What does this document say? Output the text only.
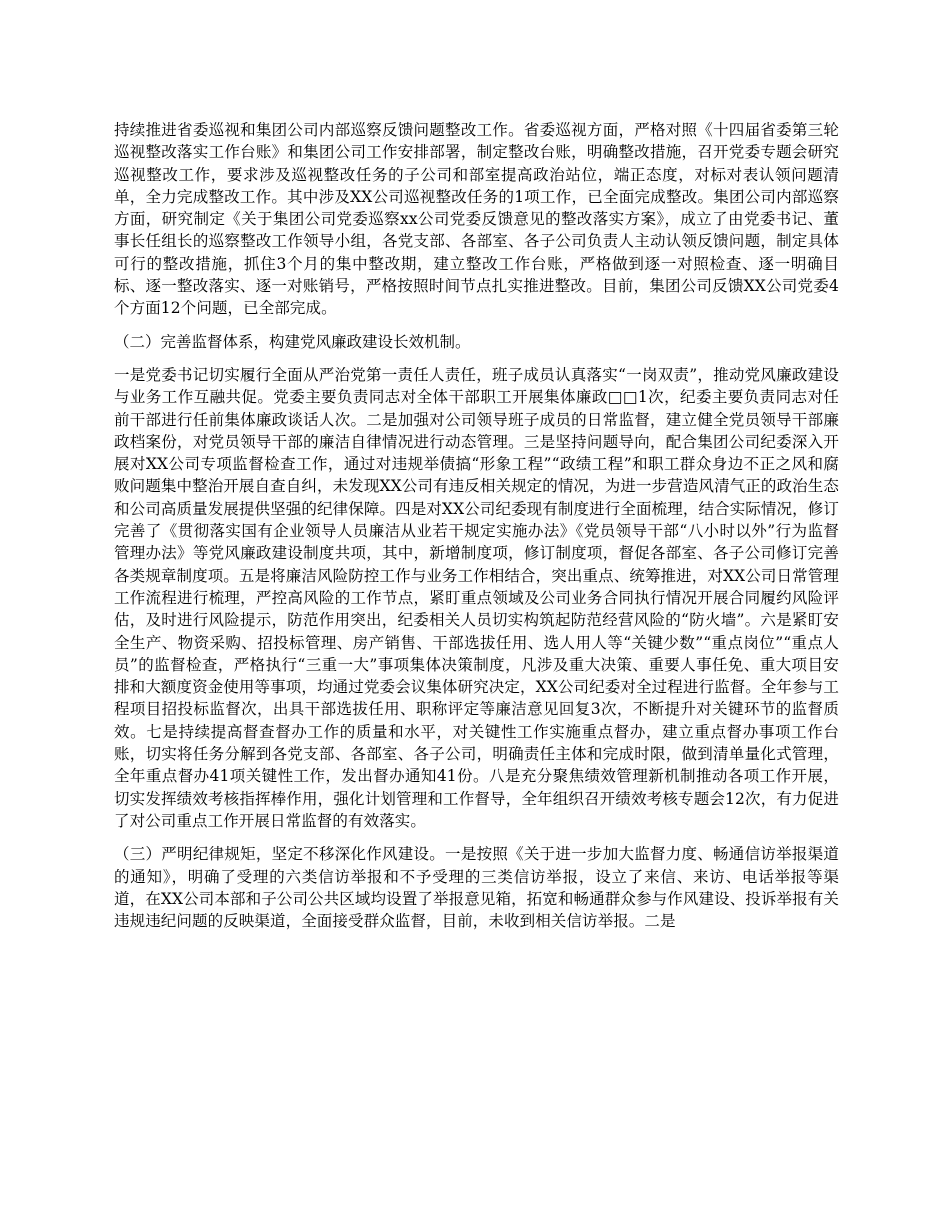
持续推进省委巡视和集团公司内部巡察反馈问题整改工作。省委巡视方面，严格对照《十四届省委第三轮巡视整改落实工作台账》和集团公司工作安排部署，制定整改台账，明确整改措施，召开党委专题会研究巡视整改工作，要求涉及巡视整改任务的子公司和部室提高政治站位，端正态度，对标对表认领问题清单，全力完成整改工作。其中涉及XX公司巡视整改任务的1项工作，已全面完成整改。集团公司内部巡察方面，研究制定《关于集团公司党委巡察xx公司党委反馈意见的整改落实方案》，成立了由党委书记、董事长任组长的巡察整改工作领导小组，各党支部、各部室、各子公司负责人主动认领反馈问题，制定具体可行的整改措施，抓住3个月的集中整改期，建立整改工作台账，严格做到逐一对照检查、逐一明确目标、逐一整改落实、逐一对账销号，严格按照时间节点扎实推进整改。目前，集团公司反馈XX公司党委4个方面12个问题，已全部完成。

（二）完善监督体系，构建党风廉政建设长效机制。

一是党委书记切实履行全面从严治党第一责任人责任，班子成员认真落实“一岗双责”，推动党风廉政建设与业务工作互融共促。党委主要负责同志对全体干部职工开展集体廉政□□1次，纪委主要负责同志对任前干部进行任前集体廉政谈话人次。二是加强对公司领导班子成员的日常监督，建立健全党员领导干部廉政档案份，对党员领导干部的廉洁自律情况进行动态管理。三是坚持问题导向，配合集团公司纪委深入开展对XX公司专项监督检查工作，通过对违规举债搞“形象工程”“政绩工程”和职工群众身边不正之风和腐败问题集中整治开展自查自纠，未发现XX公司有违反相关规定的情况，为进一步营造风清气正的政治生态和公司高质量发展提供坚强的纪律保障。四是对XX公司纪委现有制度进行全面梳理，结合实际情况，修订完善了《贯彻落实国有企业领导人员廉洁从业若干规定实施办法》《党员领导干部“八小时以外”行为监督管理办法》等党风廉政建设制度共项，其中，新增制度项，修订制度项，督促各部室、各子公司修订完善各类规章制度项。五是将廉洁风险防控工作与业务工作相结合，突出重点、统筹推进，对XX公司日常管理工作流程进行梳理，严控高风险的工作节点，紧盯重点领域及公司业务合同执行情况开展合同履约风险评估，及时进行风险提示，防范作用突出，纪委相关人员切实构筑起防范经营风险的“防火墙”。六是紧盯安全生产、物资采购、招投标管理、房产销售、干部选拔任用、选人用人等“关键少数”“重点岗位”“重点人员”的监督检查，严格执行“三重一大”事项集体决策制度，凡涉及重大决策、重要人事任免、重大项目安排和大额度资金使用等事项，均通过党委会议集体研究决定，XX公司纪委对全过程进行监督。全年参与工程项目招投标监督次，出具干部选拔任用、职称评定等廉洁意见回复3次，不断提升对关键环节的监督质效。七是持续提高督查督办工作的质量和水平，对关键性工作实施重点督办，建立重点督办事项工作台账，切实将任务分解到各党支部、各部室、各子公司，明确责任主体和完成时限，做到清单量化式管理，全年重点督办41项关键性工作，发出督办通知41份。八是充分聚焦绩效管理新机制推动各项工作开展，切实发挥绩效考核指挥棒作用，强化计划管理和工作督导，全年组织召开绩效考核专题会12次，有力促进了对公司重点工作开展日常监督的有效落实。

（三）严明纪律规矩，坚定不移深化作风建设。一是按照《关于进一步加大监督力度、畅通信访举报渠道的通知》，明确了受理的六类信访举报和不予受理的三类信访举报，设立了来信、来访、电话举报等渠道，在XX公司本部和子公司公共区域均设置了举报意见箱，拓宽和畅通群众参与作风建设、投诉举报有关违规违纪问题的反映渠道，全面接受群众监督，目前，未收到相关信访举报。二是
